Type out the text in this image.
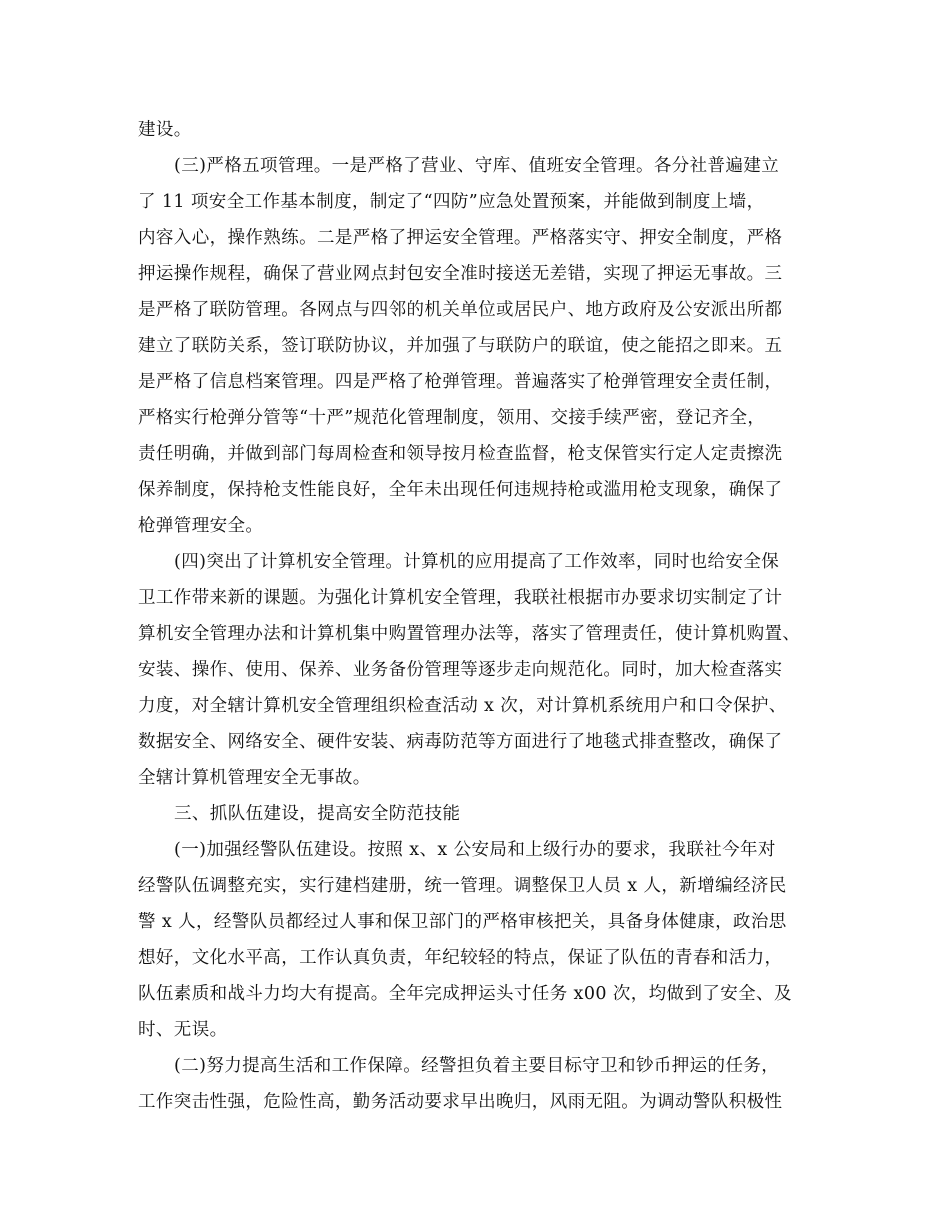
建设。
(三)严格五项管理。一是严格了营业、守库、值班安全管理。各分社普遍建立
了 11 项安全工作基本制度，制定了“四防”应急处置预案，并能做到制度上墙，
内容入心，操作熟练。二是严格了押运安全管理。严格落实守、押安全制度，严格
押运操作规程，确保了营业网点封包安全准时接送无差错，实现了押运无事故。三
是严格了联防管理。各网点与四邻的机关单位或居民户、地方政府及公安派出所都
建立了联防关系，签订联防协议，并加强了与联防户的联谊，使之能招之即来。五
是严格了信息档案管理。四是严格了枪弹管理。普遍落实了枪弹管理安全责任制，
严格实行枪弹分管等“十严”规范化管理制度，领用、交接手续严密，登记齐全，
责任明确，并做到部门每周检查和领导按月检查监督，枪支保管实行定人定责擦洗
保养制度，保持枪支性能良好，全年未出现任何违规持枪或滥用枪支现象，确保了
枪弹管理安全。
(四)突出了计算机安全管理。计算机的应用提高了工作效率，同时也给安全保
卫工作带来新的课题。为强化计算机安全管理，我联社根据市办要求切实制定了计
算机安全管理办法和计算机集中购置管理办法等，落实了管理责任，使计算机购置、
安装、操作、使用、保养、业务备份管理等逐步走向规范化。同时，加大检查落实
力度，对全辖计算机安全管理组织检查活动 x 次，对计算机系统用户和口令保护、
数据安全、网络安全、硬件安装、病毒防范等方面进行了地毯式排查整改，确保了
全辖计算机管理安全无事故。
三、抓队伍建设，提高安全防范技能
(一)加强经警队伍建设。按照 x、x 公安局和上级行办的要求，我联社今年对
经警队伍调整充实，实行建档建册，统一管理。调整保卫人员 x 人，新增编经济民
警 x 人，经警队员都经过人事和保卫部门的严格审核把关，具备身体健康，政治思
想好，文化水平高，工作认真负责，年纪较轻的特点，保证了队伍的青春和活力，
队伍素质和战斗力均大有提高。全年完成押运头寸任务 x00 次，均做到了安全、及
时、无误。
(二)努力提高生活和工作保障。经警担负着主要目标守卫和钞币押运的任务，
工作突击性强，危险性高，勤务活动要求早出晚归，风雨无阻。为调动警队积极性
